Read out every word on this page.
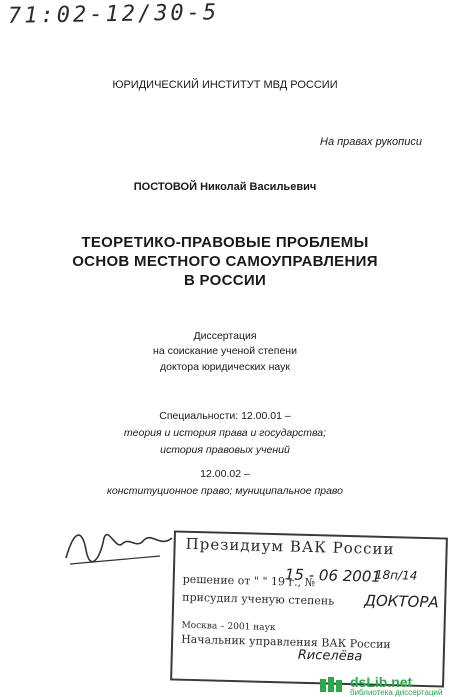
71:02-12/30-5
ЮРИДИЧЕСКИЙ ИНСТИТУТ МВД РОССИИ
На правах рукописи
ПОСТОВОЙ Николай Васильевич
ТЕОРЕТИКО-ПРАВОВЫЕ ПРОБЛЕМЫ
ОСНОВ МЕСТНОГО САМОУПРАВЛЕНИЯ
В РОССИИ
Диссертация
на соискание ученой степени
доктора юридических наук
Специальности: 12.00.01 –
теория и история права и государства;
история правовых учений
12.00.02 –
конституционное право; муниципальное право
Президиум ВАК России
решение от " " 19 г., №
присудил ученую степень
Москва – 2001 наук
Начальник управления ВАК России
15 - 06 2001
18п/14
ДОКТОРА
Rиселёва
dsLib.net
библиотека диссертаций
